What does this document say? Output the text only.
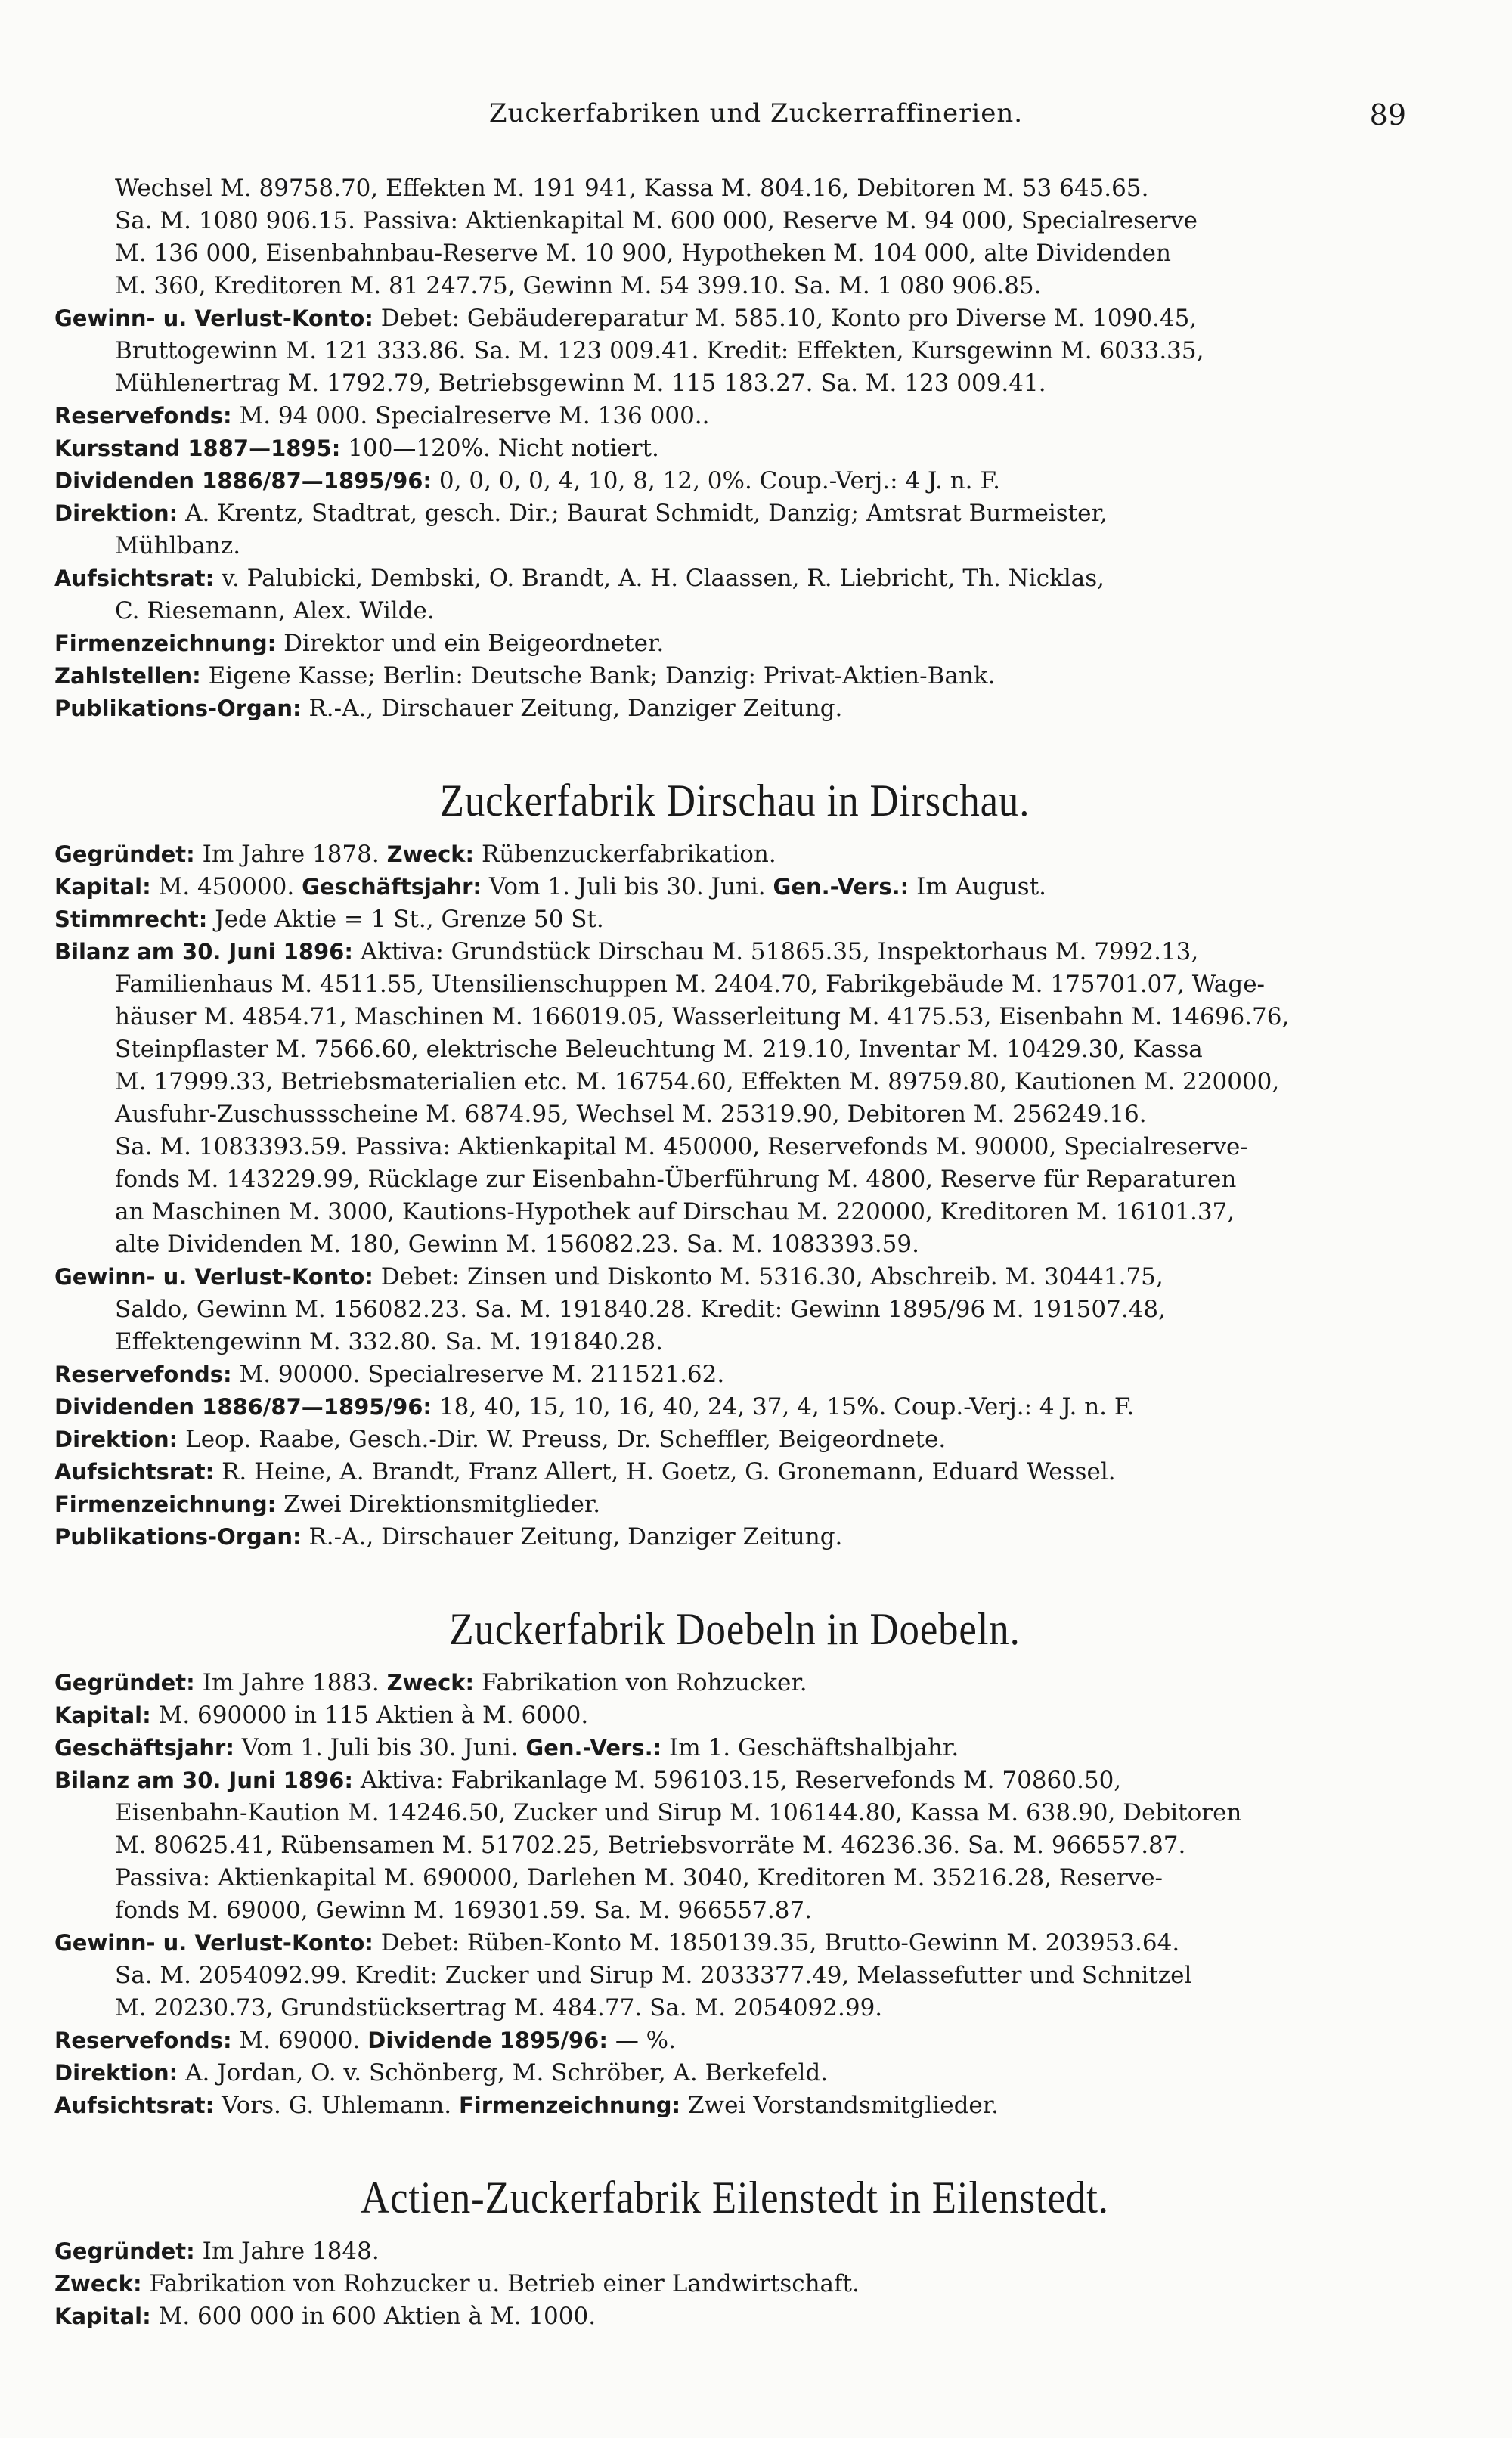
Zuckerfabriken und Zuckerraffinerien.	89
Wechsel M. 89758.70, Effekten M. 191 941, Kassa M. 804.16, Debitoren M. 53 645.65.
Sa. M. 1080 906.15. Passiva: Aktienkapital M. 600 000, Reserve M. 94 000, Specialreserve
M. 136 000, Eisenbahnbau-Reserve M. 10 900, Hypotheken M. 104 000, alte Dividenden
M. 360, Kreditoren M. 81 247.75, Gewinn M. 54 399.10. Sa. M. 1 080 906.85.
Gewinn- u. Verlust-Konto: Debet: Gebäudereparatur M. 585.10, Konto pro Diverse M. 1090.45,
Bruttogewinn M. 121 333.86. Sa. M. 123 009.41. Kredit: Effekten, Kursgewinn M. 6033.35,
Mühlenertrag M. 1792.79, Betriebsgewinn M. 115 183.27. Sa. M. 123 009.41.
Reservefonds: M. 94 000. Specialreserve M. 136 000..
Kursstand 1887—1895: 100—120%. Nicht notiert.
Dividenden 1886/87—1895/96: 0, 0, 0, 0, 4, 10, 8, 12, 0%. Coup.-Verj.: 4 J. n. F.
Direktion: A. Krentz, Stadtrat, gesch. Dir.; Baurat Schmidt, Danzig; Amtsrat Burmeister,
Mühlbanz.
Aufsichtsrat: v. Palubicki, Dembski, O. Brandt, A. H. Claassen, R. Liebricht, Th. Nicklas,
C. Riesemann, Alex. Wilde.
Firmenzeichnung: Direktor und ein Beigeordneter.
Zahlstellen: Eigene Kasse; Berlin: Deutsche Bank; Danzig: Privat-Aktien-Bank.
Publikations-Organ: R.-A., Dirschauer Zeitung, Danziger Zeitung.
Zuckerfabrik Dirschau in Dirschau.
Gegründet: Im Jahre 1878. Zweck: Rübenzuckerfabrikation.
Kapital: M. 450000. Geschäftsjahr: Vom 1. Juli bis 30. Juni. Gen.-Vers.: Im August.
Stimmrecht: Jede Aktie = 1 St., Grenze 50 St.
Bilanz am 30. Juni 1896: Aktiva: Grundstück Dirschau M. 51865.35, Inspektorhaus M. 7992.13,
Familienhaus M. 4511.55, Utensilienschuppen M. 2404.70, Fabrikgebäude M. 175701.07, Wage-
häuser M. 4854.71, Maschinen M. 166019.05, Wasserleitung M. 4175.53, Eisenbahn M. 14696.76,
Steinpflaster M. 7566.60, elektrische Beleuchtung M. 219.10, Inventar M. 10429.30, Kassa
M. 17999.33, Betriebsmaterialien etc. M. 16754.60, Effekten M. 89759.80, Kautionen M. 220000,
Ausfuhr-Zuschussscheine M. 6874.95, Wechsel M. 25319.90, Debitoren M. 256249.16.
Sa. M. 1083393.59. Passiva: Aktienkapital M. 450000, Reservefonds M. 90000, Specialreserve-
fonds M. 143229.99, Rücklage zur Eisenbahn-Überführung M. 4800, Reserve für Reparaturen
an Maschinen M. 3000, Kautions-Hypothek auf Dirschau M. 220000, Kreditoren M. 16101.37,
alte Dividenden M. 180, Gewinn M. 156082.23. Sa. M. 1083393.59.
Gewinn- u. Verlust-Konto: Debet: Zinsen und Diskonto M. 5316.30, Abschreib. M. 30441.75,
Saldo, Gewinn M. 156082.23. Sa. M. 191840.28. Kredit: Gewinn 1895/96 M. 191507.48,
Effektengewinn M. 332.80. Sa. M. 191840.28.
Reservefonds: M. 90000. Specialreserve M. 211521.62.
Dividenden 1886/87—1895/96: 18, 40, 15, 10, 16, 40, 24, 37, 4, 15%. Coup.-Verj.: 4 J. n. F.
Direktion: Leop. Raabe, Gesch.-Dir. W. Preuss, Dr. Scheffler, Beigeordnete.
Aufsichtsrat: R. Heine, A. Brandt, Franz Allert, H. Goetz, G. Gronemann, Eduard Wessel.
Firmenzeichnung: Zwei Direktionsmitglieder.
Publikations-Organ: R.-A., Dirschauer Zeitung, Danziger Zeitung.
Zuckerfabrik Doebeln in Doebeln.
Gegründet: Im Jahre 1883. Zweck: Fabrikation von Rohzucker.
Kapital: M. 690000 in 115 Aktien à M. 6000.
Geschäftsjahr: Vom 1. Juli bis 30. Juni. Gen.-Vers.: Im 1. Geschäftshalbjahr.
Bilanz am 30. Juni 1896: Aktiva: Fabrikanlage M. 596103.15, Reservefonds M. 70860.50,
Eisenbahn-Kaution M. 14246.50, Zucker und Sirup M. 106144.80, Kassa M. 638.90, Debitoren
M. 80625.41, Rübensamen M. 51702.25, Betriebsvorräte M. 46236.36. Sa. M. 966557.87.
Passiva: Aktienkapital M. 690000, Darlehen M. 3040, Kreditoren M. 35216.28, Reserve-
fonds M. 69000, Gewinn M. 169301.59. Sa. M. 966557.87.
Gewinn- u. Verlust-Konto: Debet: Rüben-Konto M. 1850139.35, Brutto-Gewinn M. 203953.64.
Sa. M. 2054092.99. Kredit: Zucker und Sirup M. 2033377.49, Melassefutter und Schnitzel
M. 20230.73, Grundstücksertrag M. 484.77. Sa. M. 2054092.99.
Reservefonds: M. 69000. Dividende 1895/96: — %.
Direktion: A. Jordan, O. v. Schönberg, M. Schröber, A. Berkefeld.
Aufsichtsrat: Vors. G. Uhlemann. Firmenzeichnung: Zwei Vorstandsmitglieder.
Actien-Zuckerfabrik Eilenstedt in Eilenstedt.
Gegründet: Im Jahre 1848.
Zweck: Fabrikation von Rohzucker u. Betrieb einer Landwirtschaft.
Kapital: M. 600 000 in 600 Aktien à M. 1000.
